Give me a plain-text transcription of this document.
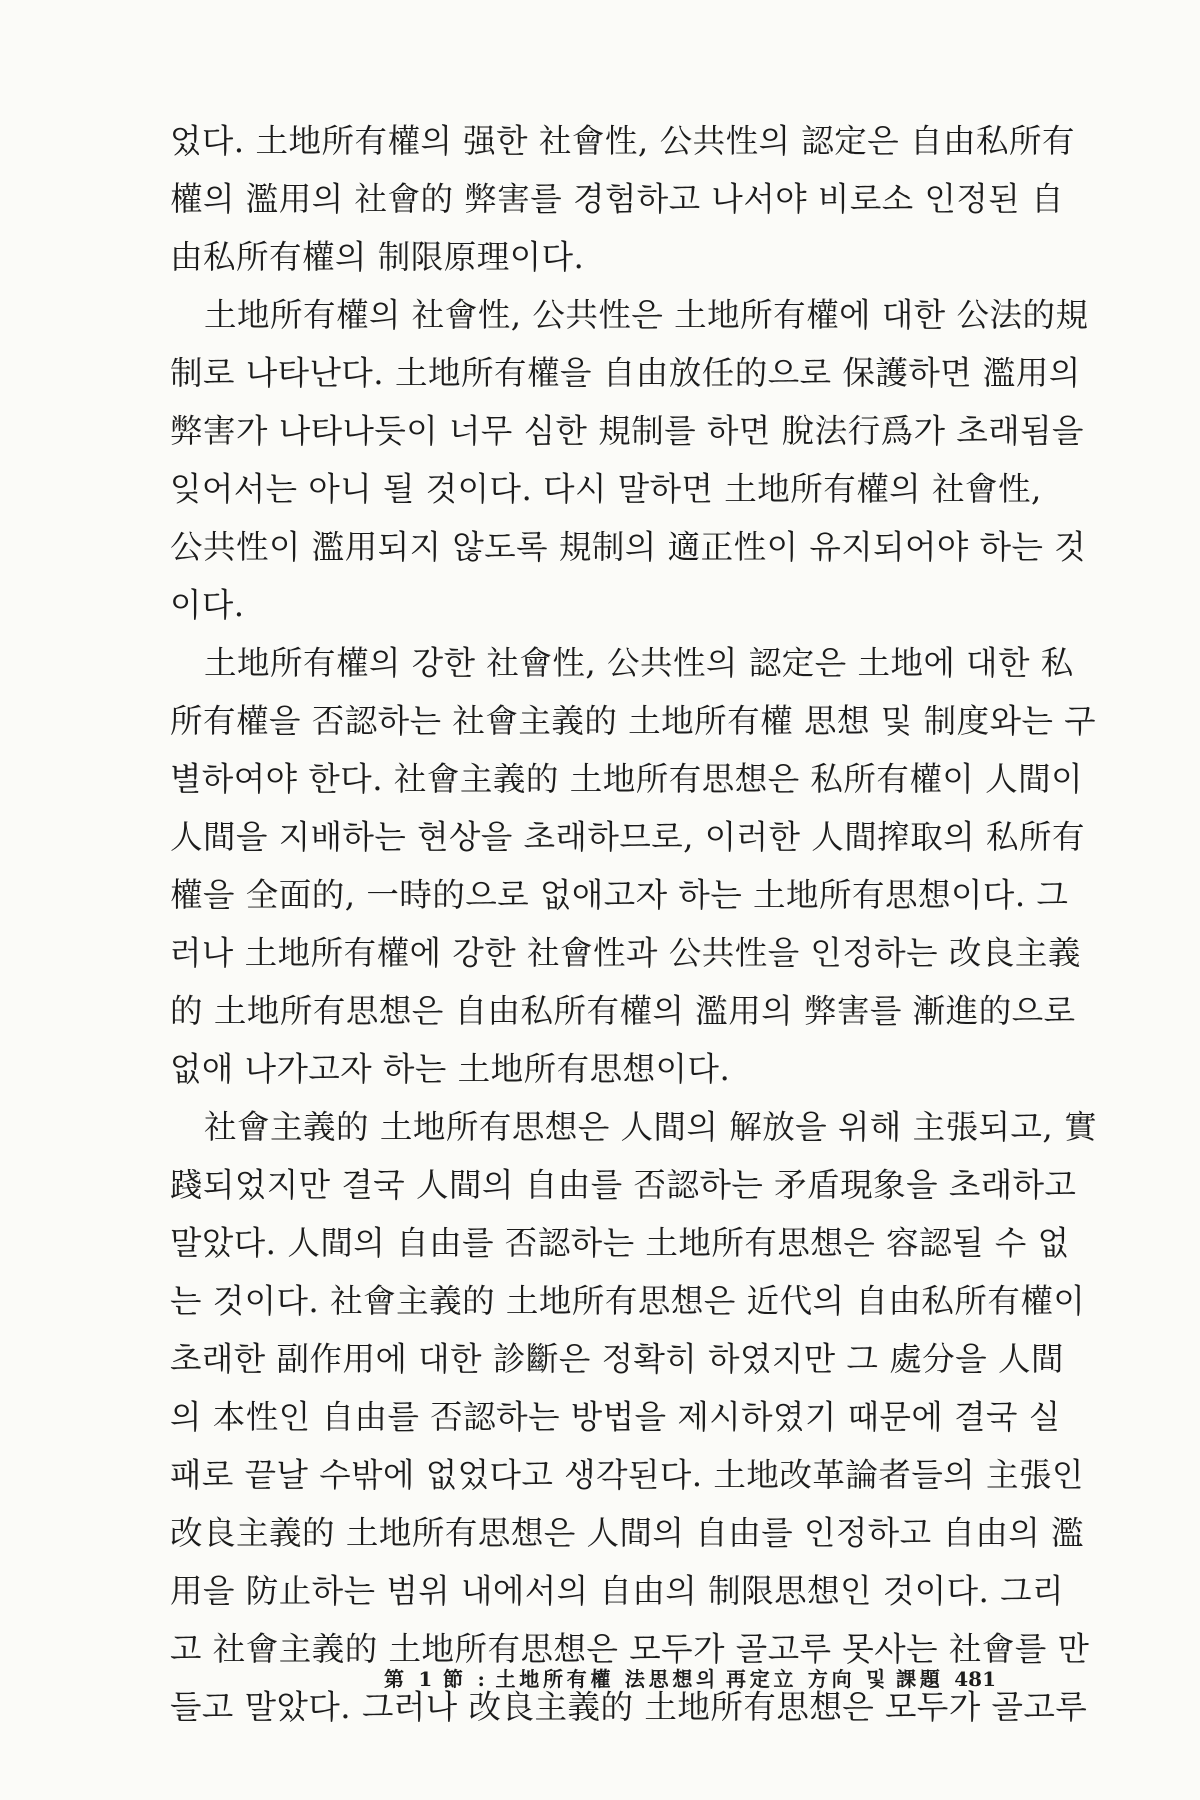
었다. 土地所有權의 强한 社會性, 公共性의 認定은 自由私所有
權의 濫用의 社會的 弊害를 경험하고 나서야 비로소 인정된 自
由私所有權의 制限原理이다.
土地所有權의 社會性, 公共性은 土地所有權에 대한 公法的規
制로 나타난다. 土地所有權을 自由放任的으로 保護하면 濫用의
弊害가 나타나듯이 너무 심한 規制를 하면 脫法行爲가 초래됨을
잊어서는 아니 될 것이다. 다시 말하면 土地所有權의 社會性,
公共性이 濫用되지 않도록 規制의 適正性이 유지되어야 하는 것
이다.
土地所有權의 강한 社會性, 公共性의 認定은 土地에 대한 私
所有權을 否認하는 社會主義的 土地所有權 思想 및 制度와는 구
별하여야 한다. 社會主義的 土地所有思想은 私所有權이 人間이
人間을 지배하는 현상을 초래하므로, 이러한 人間搾取의 私所有
權을 全面的, 一時的으로 없애고자 하는 土地所有思想이다. 그
러나 土地所有權에 강한 社會性과 公共性을 인정하는 改良主義
的 土地所有思想은 自由私所有權의 濫用의 弊害를 漸進的으로
없애 나가고자 하는 土地所有思想이다.
社會主義的 土地所有思想은 人間의 解放을 위해 主張되고, 實
踐되었지만 결국 人間의 自由를 否認하는 矛盾現象을 초래하고
말았다. 人間의 自由를 否認하는 土地所有思想은 容認될 수 없
는 것이다. 社會主義的 土地所有思想은 近代의 自由私所有權이
초래한 副作用에 대한 診斷은 정확히 하였지만 그 處分을 人間
의 本性인 自由를 否認하는 방법을 제시하였기 때문에 결국 실
패로 끝날 수밖에 없었다고 생각된다. 土地改革論者들의 主張인
改良主義的 土地所有思想은 人間의 自由를 인정하고 自由의 濫
用을 防止하는 범위 내에서의 自由의 制限思想인 것이다. 그리
고 社會主義的 土地所有思想은 모두가 골고루 못사는 社會를 만
들고 말았다. 그러나 改良主義的 土地所有思想은 모두가 골고루
第 1 節 : 土地所有權 法思想의 再定立 方向 및 課題 481
